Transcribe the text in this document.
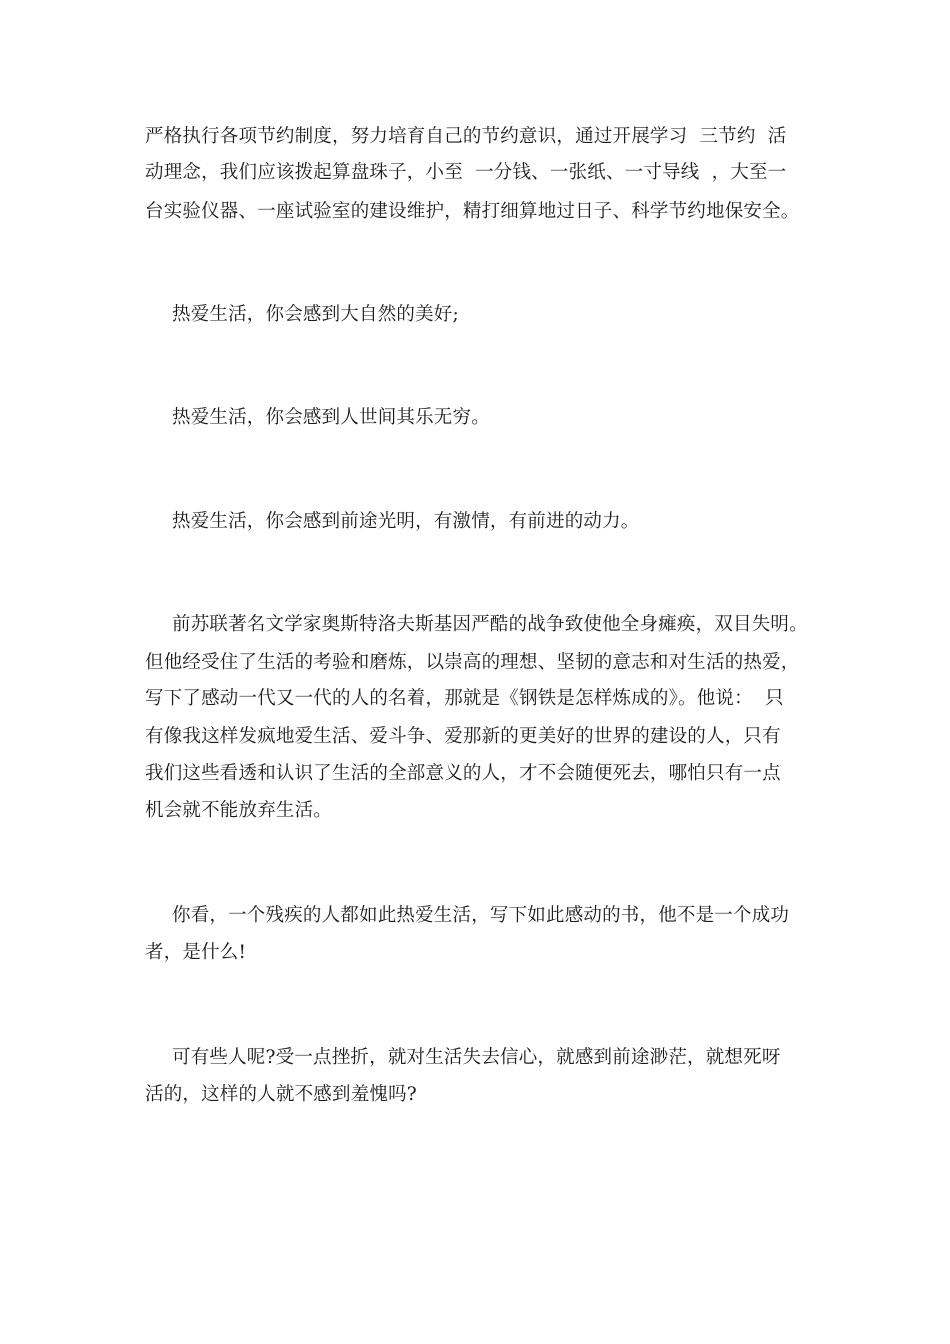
严格执行各项节约制度，努力培育自己的节约意识，通过开展学习  三节约  活
动理念，我们应该拨起算盘珠子，小至  一分钱、一张纸、一寸导线  ，大至一
台实验仪器、一座试验室的建设维护，精打细算地过日子、科学节约地保安全。
热爱生活，你会感到大自然的美好;
热爱生活，你会感到人世间其乐无穷。
热爱生活，你会感到前途光明，有激情，有前进的动力。
前苏联著名文学家奥斯特洛夫斯基因严酷的战争致使他全身瘫痪，双目失明。
但他经受住了生活的考验和磨炼，以崇高的理想、坚韧的意志和对生活的热爱，
写下了感动一代又一代的人的名着，那就是《钢铁是怎样炼成的》。他说：  只
有像我这样发疯地爱生活、爱斗争、爱那新的更美好的世界的建设的人，只有
我们这些看透和认识了生活的全部意义的人，才不会随便死去，哪怕只有一点
机会就不能放弃生活。
你看，一个残疾的人都如此热爱生活，写下如此感动的书，他不是一个成功
者，是什么!
可有些人呢?受一点挫折，就对生活失去信心，就感到前途渺茫，就想死呀
活的，这样的人就不感到羞愧吗?
